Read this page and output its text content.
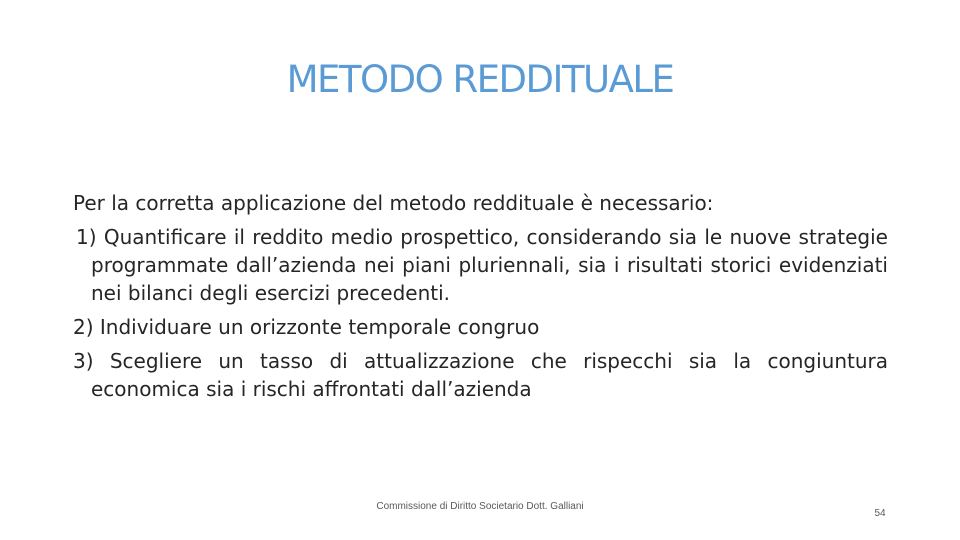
METODO REDDITUALE

Per la corretta applicazione del metodo reddituale è necessario:

1) Quantificare il reddito medio prospettico, considerando sia le nuove strategie programmate dall’azienda nei piani pluriennali, sia i risultati storici evidenziati nei bilanci degli esercizi precedenti.

2) Individuare un orizzonte temporale congruo

3) Scegliere un tasso di attualizzazione che rispecchi sia la congiuntura economica sia i rischi affrontati dall’azienda

Commissione di Diritto Societario Dott. Galliani
54
